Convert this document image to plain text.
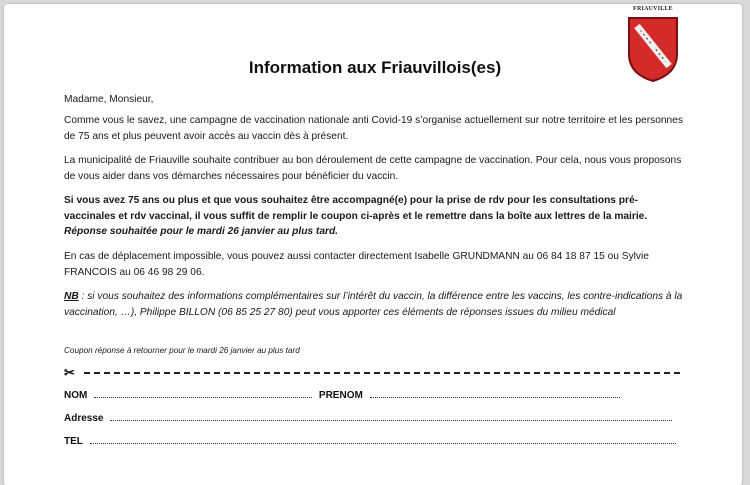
FRIAUVILLE
Information aux Friauvillois(es)
Madame, Monsieur,
Comme vous le savez, une campagne de vaccination nationale anti Covid-19 s’organise actuellement sur notre territoire et les personnes de 75 ans et plus peuvent avoir accès au vaccin dès à présent.
La municipalité de Friauville souhaite contribuer au bon déroulement de cette campagne de vaccination. Pour cela, nous vous proposons de vous aider dans vos démarches nécessaires pour bénéficier du vaccin.
Si vous avez 75 ans ou plus et que vous souhaitez être accompagné(e) pour la prise de rdv pour les consultations pré-vaccinales et rdv vaccinal, il vous suffit de remplir le coupon ci-après et le remettre dans la boîte aux lettres de la mairie. Réponse souhaitée pour le mardi 26 janvier au plus tard.
En cas de déplacement impossible, vous pouvez aussi contacter directement Isabelle GRUNDMANN au 06 84 18 87 15 ou Sylvie FRANCOIS au 06 46 98 29 06.
NB : si vous souhaitez des informations complémentaires sur l’intérêt du vaccin, la différence entre les vaccins, les contre-indications à la vaccination, …), Philippe BILLON (06 85 25 27 80) peut vous apporter ces éléments de réponses issues du milieu médical
Coupon réponse à retourner pour le mardi 26 janvier au plus tard
✂
NOM	PRENOM
Adresse
TEL
